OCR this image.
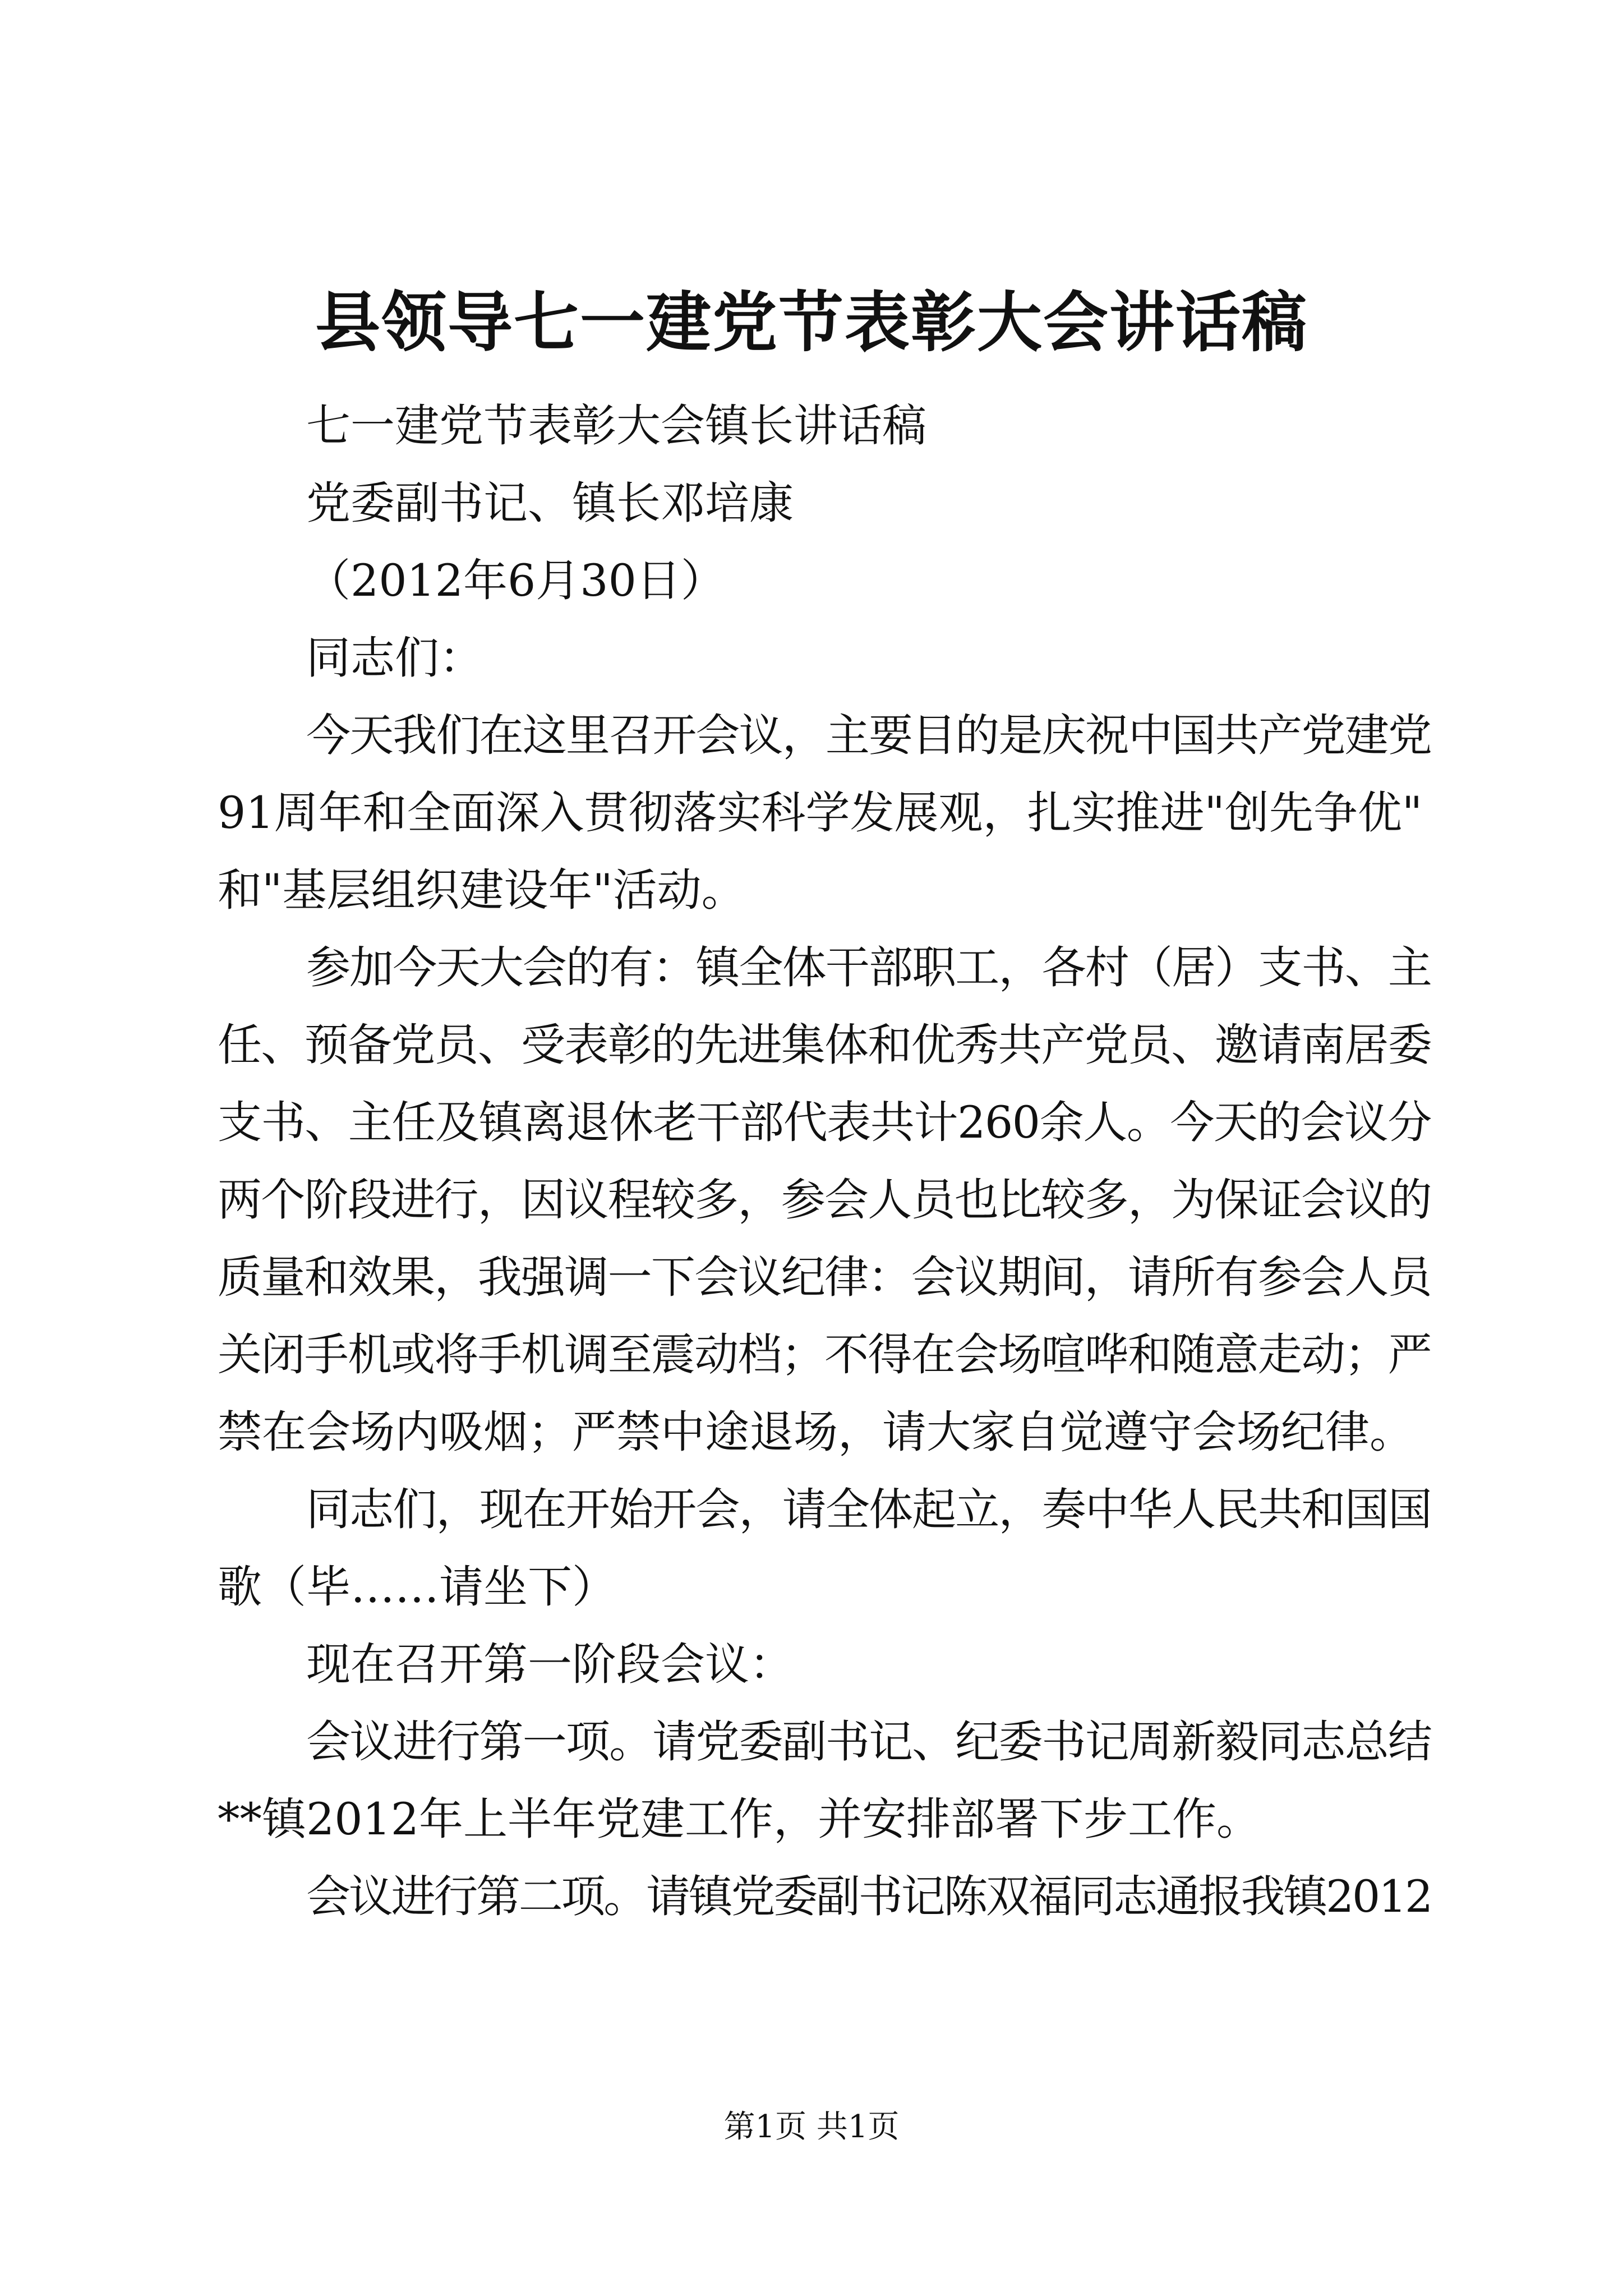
县领导七一建党节表彰大会讲话稿
七一建党节表彰大会镇长讲话稿
党委副书记、镇长邓培康
（2012年6月30日）
同志们：
今天我们在这里召开会议，主要目的是庆祝中国共产党建党
91周年和全面深入贯彻落实科学发展观，扎实推进"创先争优"
和"基层组织建设年"活动。
参加今天大会的有：镇全体干部职工，各村（居）支书、主
任、预备党员、受表彰的先进集体和优秀共产党员、邀请南居委
支书、主任及镇离退休老干部代表共计260余人。今天的会议分
两个阶段进行，因议程较多，参会人员也比较多，为保证会议的
质量和效果，我强调一下会议纪律：会议期间，请所有参会人员
关闭手机或将手机调至震动档；不得在会场喧哗和随意走动；严
禁在会场内吸烟；严禁中途退场，请大家自觉遵守会场纪律。
同志们，现在开始开会，请全体起立，奏中华人民共和国国
歌（毕……请坐下）
现在召开第一阶段会议：
会议进行第一项。请党委副书记、纪委书记周新毅同志总结
**镇2012年上半年党建工作，并安排部署下步工作。
会议进行第二项。请镇党委副书记陈双福同志通报我镇2012
第1页 共1页
